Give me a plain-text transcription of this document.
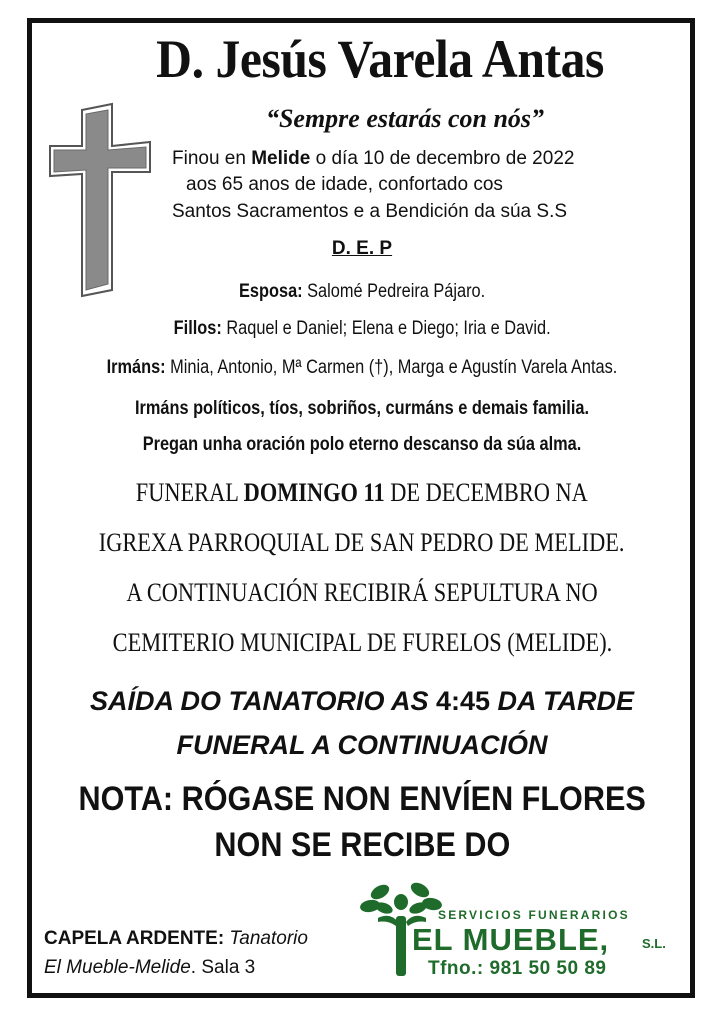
D. Jesús Varela Antas
“Sempre estarás con nós”
Finou en Melide o día 10 de decembro de 2022
aos 65 anos de idade, confortado cos
Santos Sacramentos e a Bendición da súa S.S
D. E. P
Esposa: Salomé Pedreira Pájaro.
Fillos: Raquel e Daniel; Elena e Diego; Iria e David.
Irmáns: Minia, Antonio, Mª Carmen (†), Marga e Agustín Varela Antas.
Irmáns políticos, tíos, sobriños, curmáns e demais familia.
Pregan unha oración polo eterno descanso da súa alma.
FUNERAL DOMINGO 11 DE DECEMBRO NA
IGREXA PARROQUIAL DE SAN PEDRO DE MELIDE.
A CONTINUACIÓN RECIBIRÁ SEPULTURA NO
CEMITERIO MUNICIPAL DE FURELOS (MELIDE).
SAÍDA DO TANATORIO AS 4:45 DA TARDE
FUNERAL A CONTINUACIÓN
NOTA: RÓGASE NON ENVÍEN FLORES
NON SE RECIBE DO
CAPELA ARDENTE: Tanatorio
El Mueble-Melide. Sala 3
SERVICIOS FUNERARIOS
EL MUEBLE,	S.L.
Tfno.: 981 50 50 89
